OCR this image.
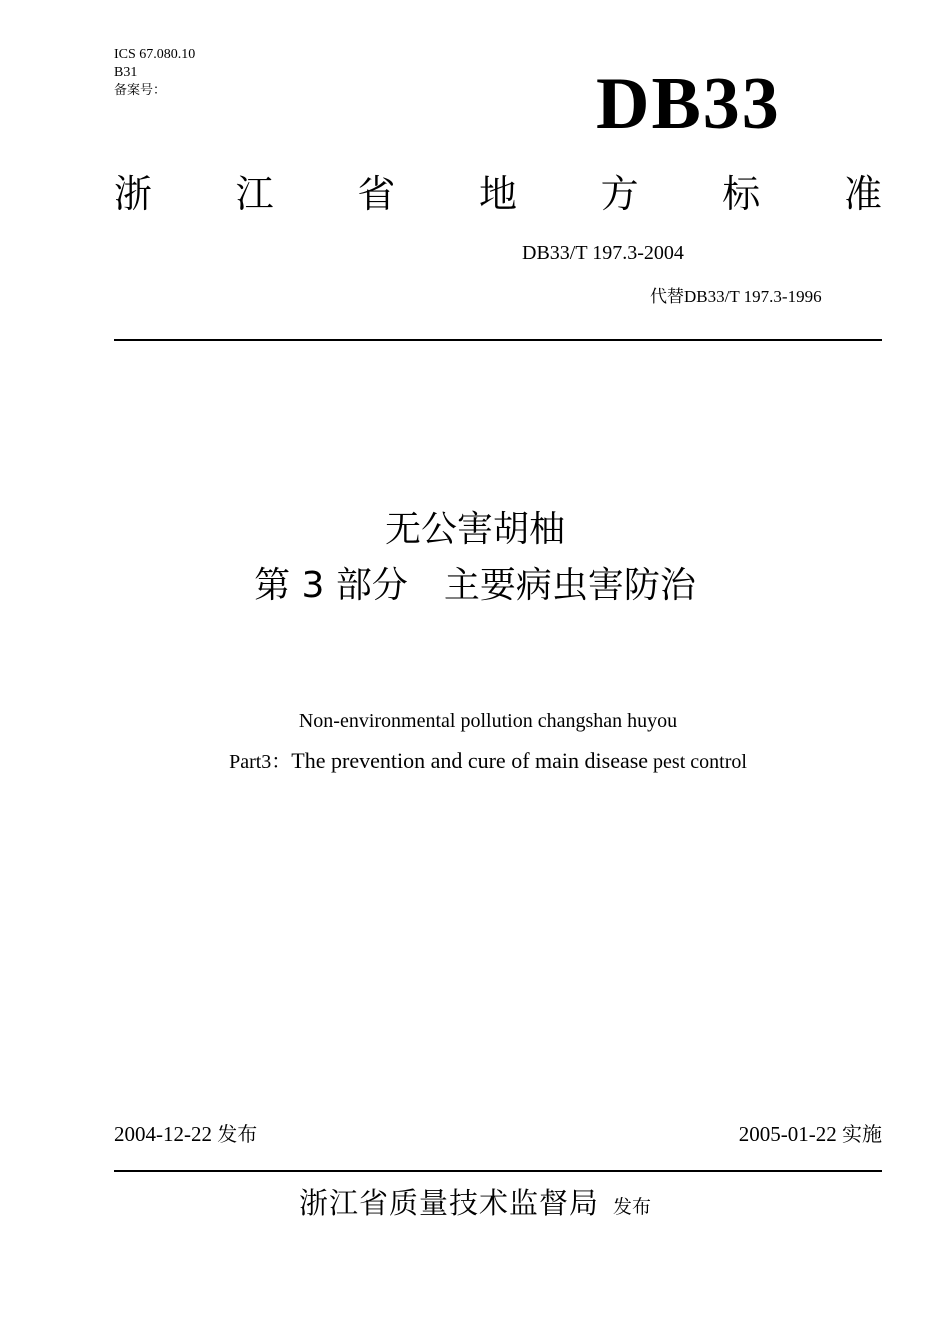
ICS 67.080.10
B31
备案号：	DB33
浙 江 省 地 方 标 准
DB33/T 197.3-2004
代替DB33/T 197.3-1996
无公害胡柚
第 3 部分　主要病虫害防治
Non-environmental pollution changshan huyou
Part3：The prevention and cure of main disease pest control
2004-12-22 发布	2005-01-22 实施
浙江省质量技术监督局 发布
